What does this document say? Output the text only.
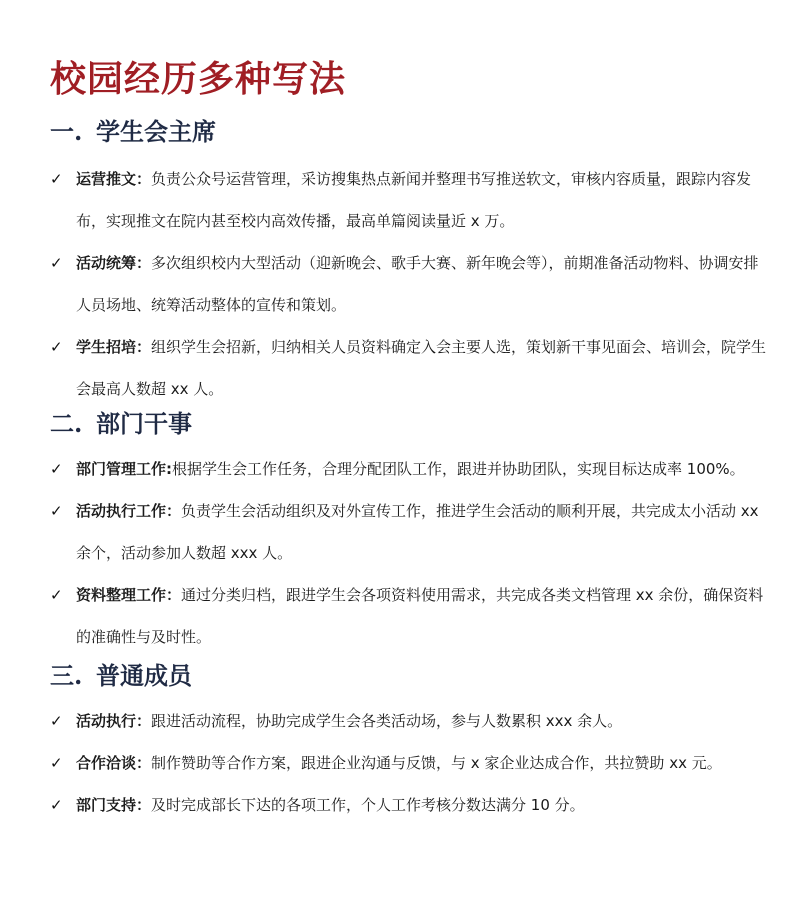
校园经历多种写法
一. 学生会主席
✓ 运营推文：负责公众号运营管理，采访搜集热点新闻并整理书写推送软文，审核内容质量，跟踪内容发布，实现推文在院内甚至校内高效传播，最高单篇阅读量近 x 万。

✓ 活动统筹：多次组织校内大型活动（迎新晚会、歌手大赛、新年晚会等），前期准备活动物料、协调安排人员场地、统筹活动整体的宣传和策划。

✓ 学生招培：组织学生会招新，归纳相关人员资料确定入会主要人选，策划新干事见面会、培训会，院学生会最高人数超 xx 人。

二. 部门干事
✓ 部门管理工作:根据学生会工作任务，合理分配团队工作，跟进并协助团队，实现目标达成率 100%。

✓ 活动执行工作：负责学生会活动组织及对外宣传工作，推进学生会活动的顺利开展，共完成太小活动 xx 余个，活动参加人数超 xxx 人。

✓ 资料整理工作：通过分类归档，跟进学生会各项资料使用需求，共完成各类文档管理 xx 余份，确保资料的准确性与及时性。

三. 普通成员
✓ 活动执行：跟进活动流程，协助完成学生会各类活动场，参与人数累积 xxx 余人。

✓ 合作洽谈：制作赞助等合作方案，跟进企业沟通与反馈，与 x 家企业达成合作，共拉赞助 xx 元。

✓ 部门支持：及时完成部长下达的各项工作，个人工作考核分数达满分 10 分。
